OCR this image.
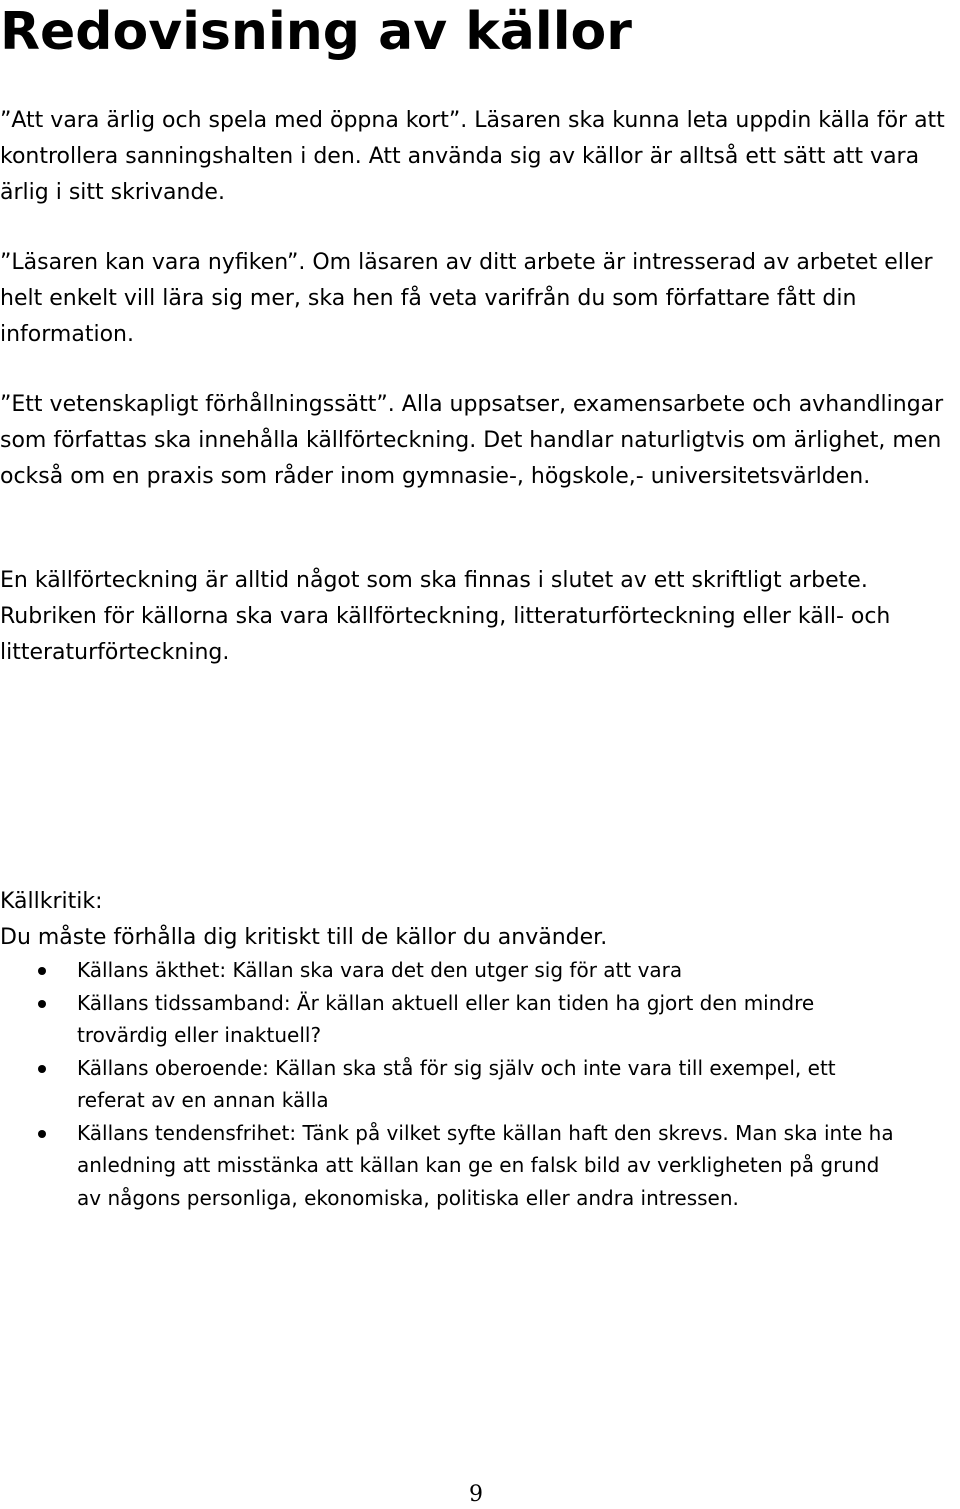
Redovisning av källor

”Att vara ärlig och spela med öppna kort”. Läsaren ska kunna leta uppdin källa för att kontrollera sanningshalten i den. Att använda sig av källor är alltså ett sätt att vara ärlig i sitt skrivande.

”Läsaren kan vara nyfiken”. Om läsaren av ditt arbete är intresserad av arbetet eller helt enkelt vill lära sig mer, ska hen få veta varifrån du som författare fått din information.

”Ett vetenskapligt förhållningssätt”. Alla uppsatser, examensarbete och avhandlingar som författas ska innehålla källförteckning. Det handlar naturligtvis om ärlighet, men också om en praxis som råder inom gymnasie-, högskole,- universitetsvärlden.

En källförteckning är alltid något som ska finnas i slutet av ett skriftligt arbete. Rubriken för källorna ska vara källförteckning, litteraturförteckning eller käll- och litteraturförteckning.

Källkritik:

Du måste förhålla dig kritiskt till de källor du använder.

Källans äkthet: Källan ska vara det den utger sig för att vara
Källans tidssamband: Är källan aktuell eller kan tiden ha gjort den mindre trovärdig eller inaktuell?
Källans oberoende: Källan ska stå för sig själv och inte vara till exempel, ett referat av en annan källa
Källans tendensfrihet: Tänk på vilket syfte källan haft den skrevs. Man ska inte ha anledning att misstänka att källan kan ge en falsk bild av verkligheten på grund av någons personliga, ekonomiska, politiska eller andra intressen.
9
